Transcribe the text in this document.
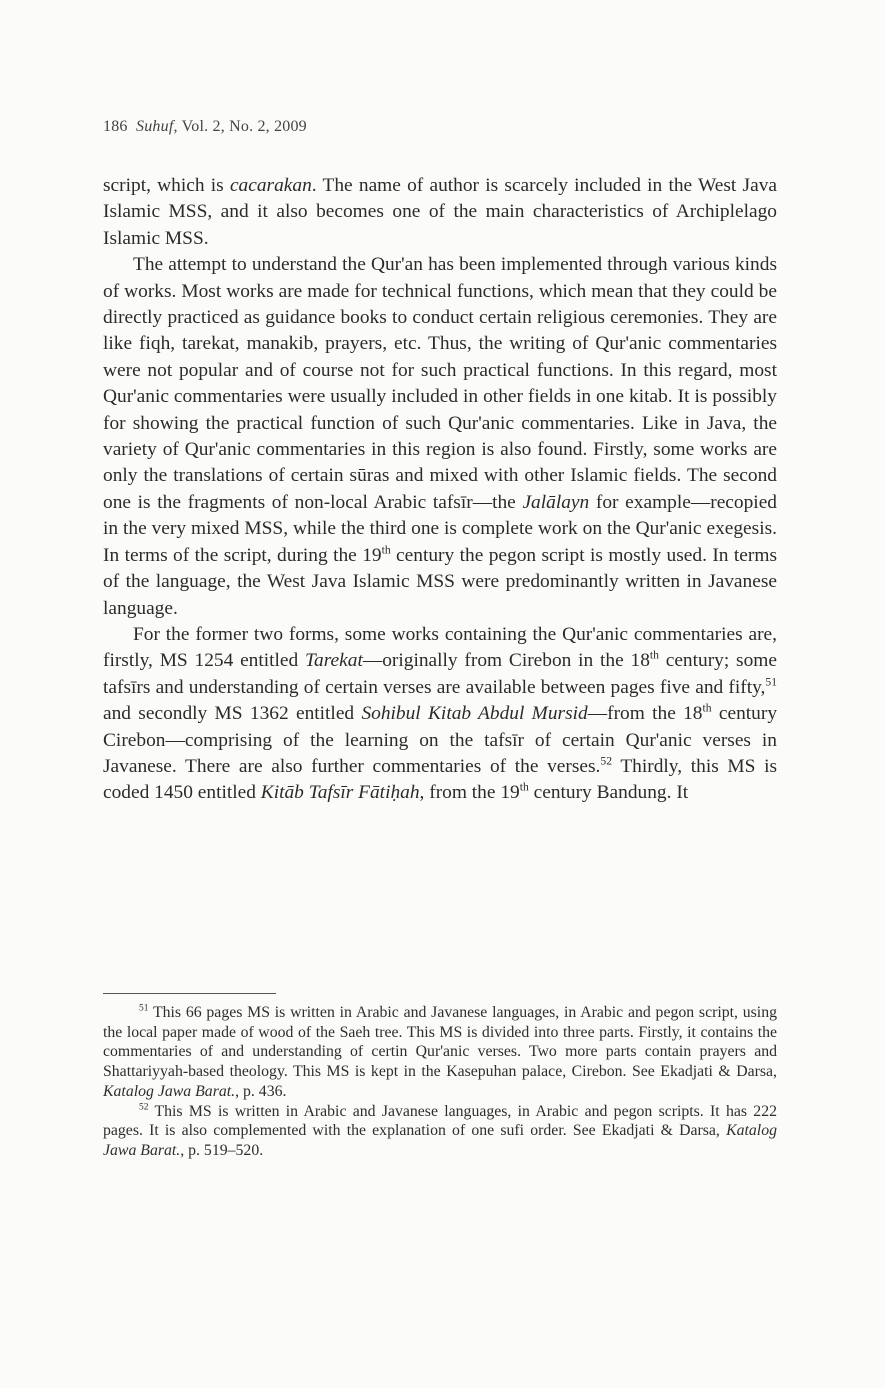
186 Suhuf, Vol. 2, No. 2, 2009

script, which is cacarakan. The name of author is scarcely included in the West Java Islamic MSS, and it also becomes one of the main characteristics of Archiplelago Islamic MSS.

The attempt to understand the Qur'an has been implemented through various kinds of works. Most works are made for technical functions, which mean that they could be directly practiced as guidance books to conduct certain religious ceremonies. They are like fiqh, tarekat, manakib, prayers, etc. Thus, the writing of Qur'anic commentaries were not popular and of course not for such practical functions. In this regard, most Qur'anic commentaries were usually included in other fields in one kitab. It is possibly for showing the practical function of such Qur'anic commentaries. Like in Java, the variety of Qur'anic commentaries in this region is also found. Firstly, some works are only the translations of certain sūras and mixed with other Islamic fields. The second one is the fragments of non-local Arabic tafsīr—the Jalālayn for example—recopied in the very mixed MSS, while the third one is complete work on the Qur'anic exegesis. In terms of the script, during the 19th century the pegon script is mostly used. In terms of the language, the West Java Islamic MSS were predominantly written in Javanese language.

For the former two forms, some works containing the Qur'anic commentaries are, firstly, MS 1254 entitled Tarekat—originally from Cirebon in the 18th century; some tafsīrs and understanding of certain verses are available between pages five and fifty,$^{51}$ and secondly MS 1362 entitled Sohibul Kitab Abdul Mursid—from the 18th century Cirebon—comprising of the learning on the tafsīr of certain Qur'anic verses in Javanese. There are also further commentaries of the verses.$^{52}$ Thirdly, this MS is coded 1450 entitled Kitāb Tafsīr Fātiḥah, from the 19th century Bandung. It

$^{51}$ This 66 pages MS is written in Arabic and Javanese languages, in Arabic and pegon script, using the local paper made of wood of the Saeh tree. This MS is divided into three parts. Firstly, it contains the commentaries of and understanding of certin Qur'anic verses. Two more parts contain prayers and Shattariyyah-based theology. This MS is kept in the Kasepuhan palace, Cirebon. See Ekadjati & Darsa, Katalog Jawa Barat., p. 436.

$^{52}$ This MS is written in Arabic and Javanese languages, in Arabic and pegon scripts. It has 222 pages. It is also complemented with the explanation of one sufi order. See Ekadjati & Darsa, Katalog Jawa Barat., p. 519–520.
